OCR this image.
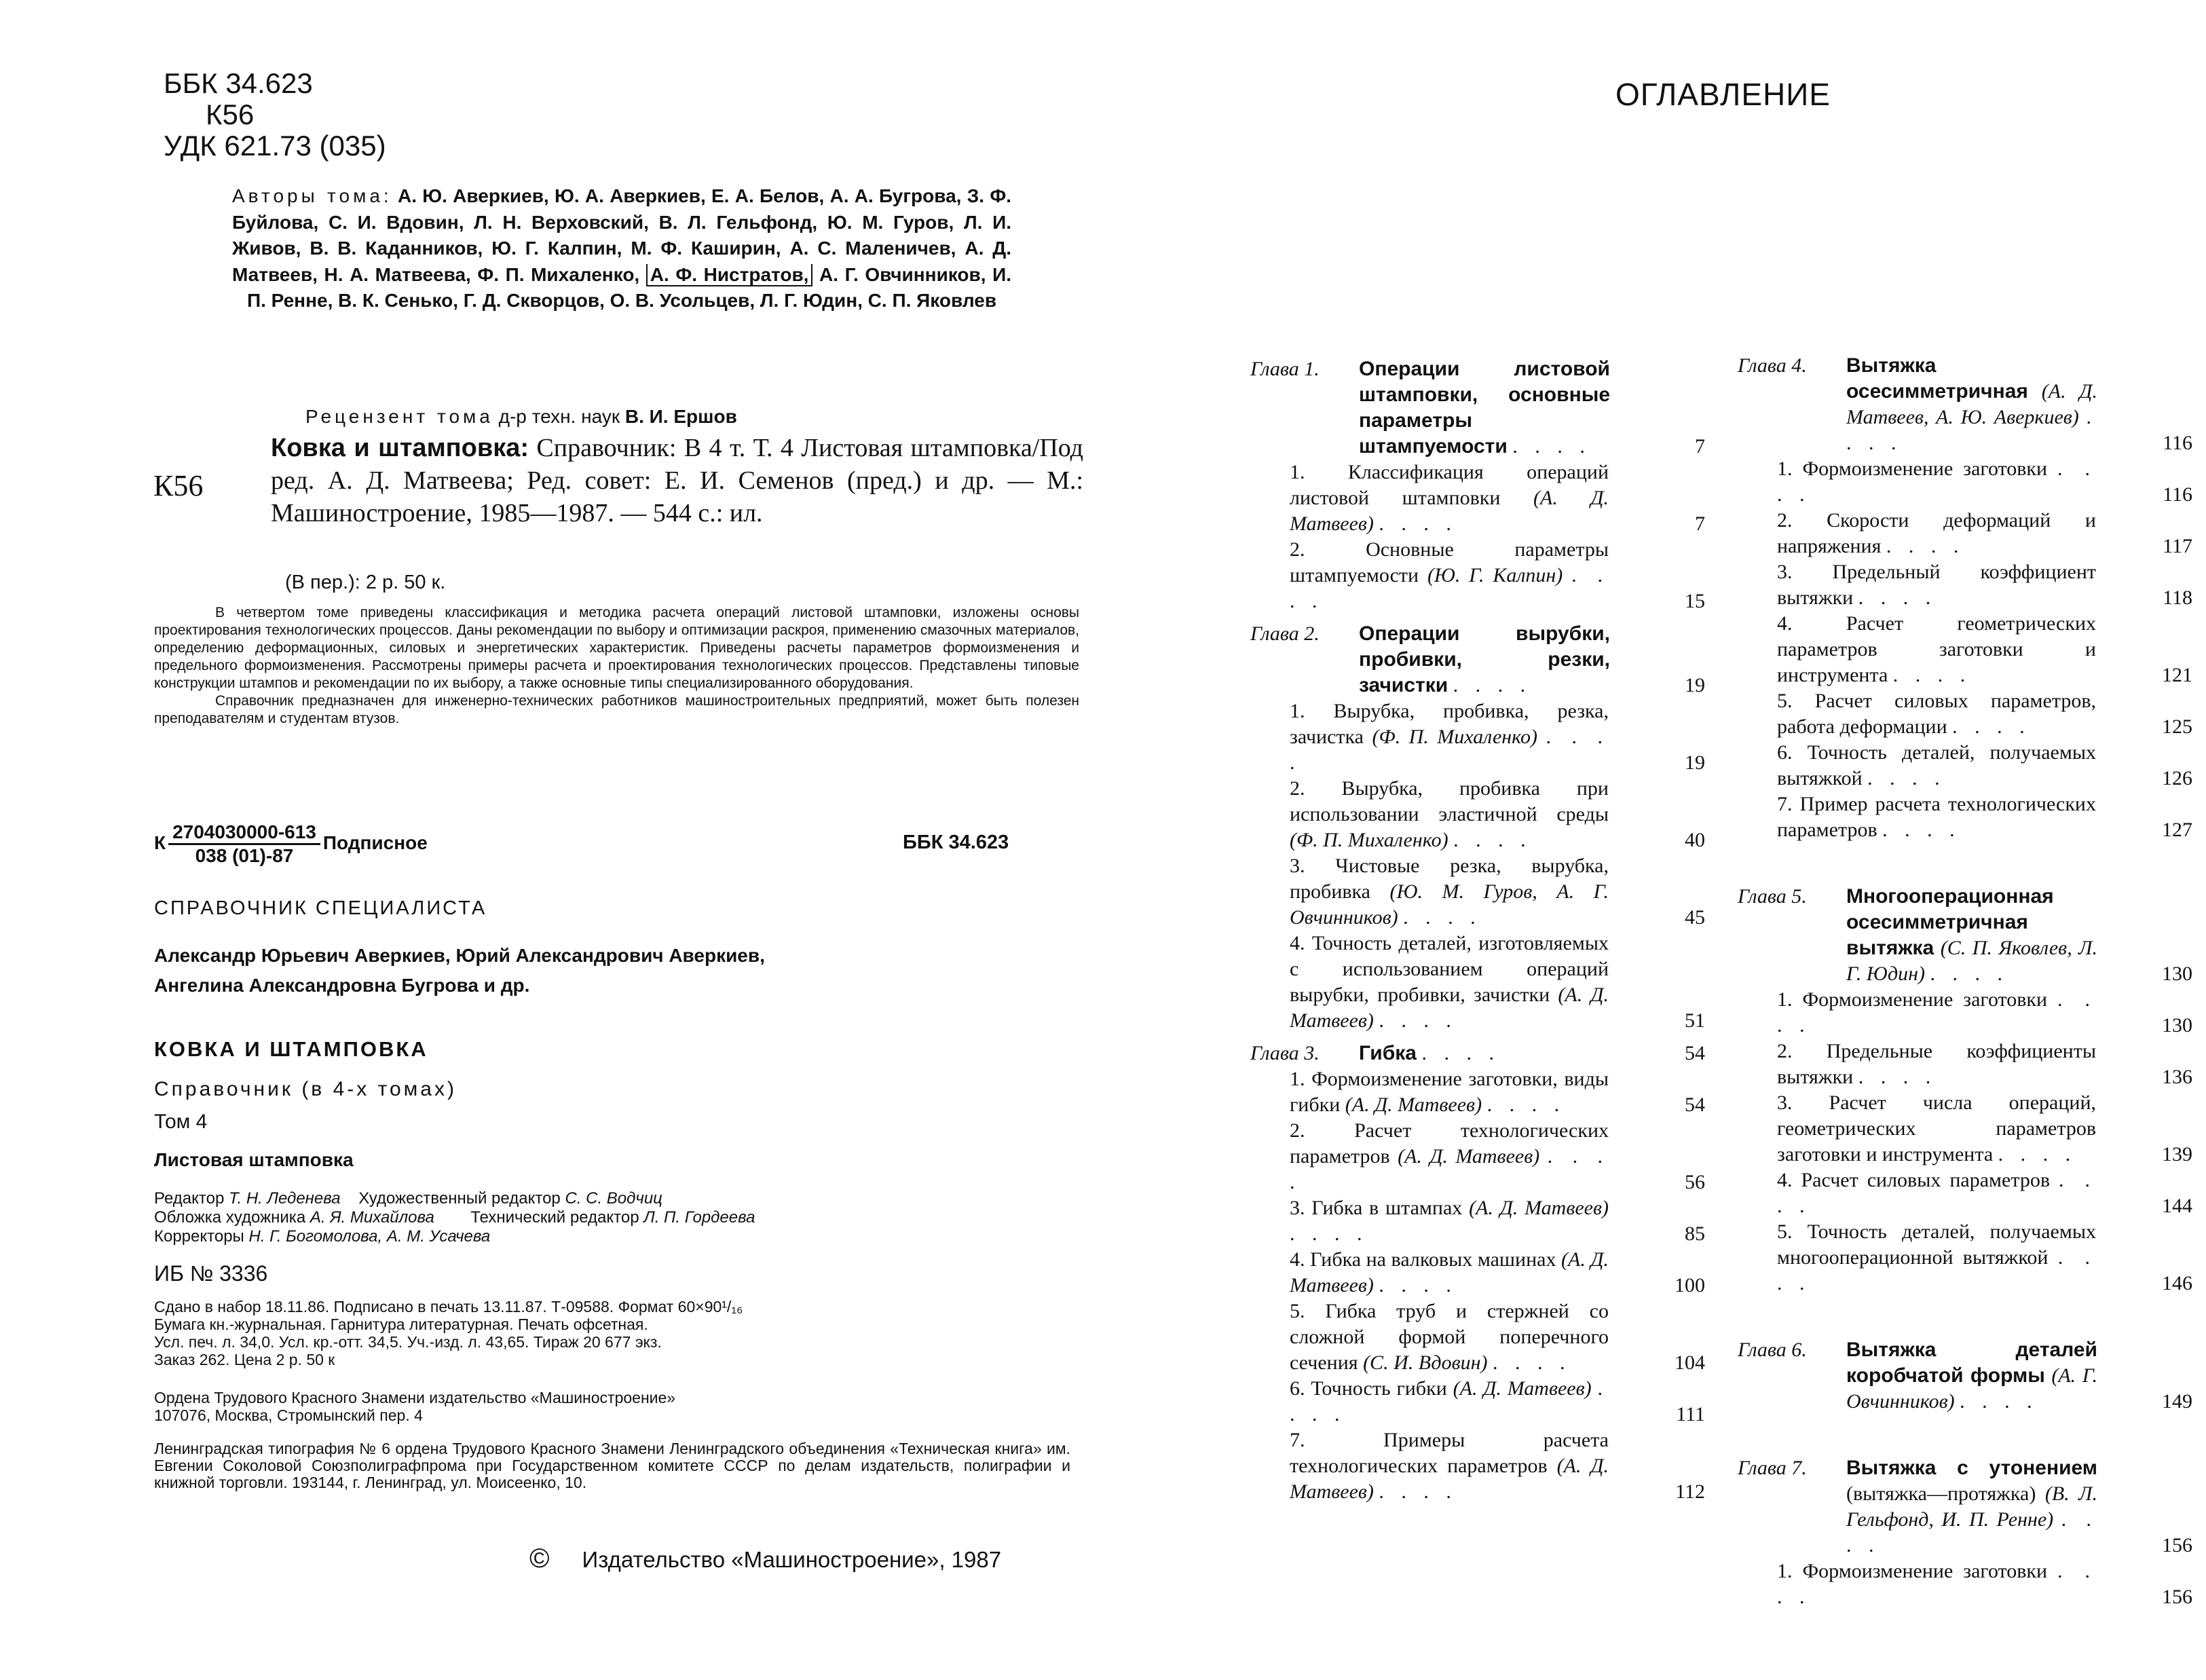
ББК 34.623
К56
УДК 621.73 (035)
Авторы тома: А. Ю. Аверкиев, Ю. А. Аверкиев, Е. А. Белов, А. А. Бугрова, З. Ф. Буйлова, С. И. Вдовин, Л. Н. Верховский, В. Л. Гельфонд, Ю. М. Гуров, Л. И. Живов, В. В. Каданников, Ю. Г. Калпин, М. Ф. Каширин, А. С. Маленичев, А. Д. Матвеев, Н. А. Матвеева, Ф. П. Михаленко, А. Ф. Нистратов, А. Г. Овчинников, И. П. Ренне, В. К. Сенько, Г. Д. Скворцов, О. В. Усольцев, Л. Г. Юдин, С. П. Яковлев
Рецензент тома д-р техн. наук В. И. Ершов
К56
Ковка и штамповка: Справочник: В 4 т. Т. 4 Листовая штамповка/Под ред. А. Д. Матвеева; Ред. совет: Е. И. Семенов (пред.) и др. — М.: Машиностроение, 1985—1987. — 544 с.: ил.
(В пер.): 2 р. 50 к.

В четвертом томе приведены классификация и методика расчета операций листовой штамповки, изложены основы проектирования технологических процессов. Даны рекомендации по выбору и оптимизации раскроя, применению смазочных материалов, определению деформационных, силовых и энергетических характеристик. Приведены расчеты параметров формоизменения и предельного формоизменения. Рассмотрены примеры расчета и проектирования технологических процессов. Представлены типовые конструкции штампов и рекомендации по их выбору, а также основные типы специализированного оборудования.

Справочник предназначен для инженерно-технических работников машиностроительных предприятий, может быть полезен преподавателям и студентам втузов.

К $\frac{2704030000-613}{038 (01)-87}$ Подписное	ББК 34.623
СПРАВОЧНИК СПЕЦИАЛИСТА
Александр Юрьевич Аверкиев, Юрий Александрович Аверкиев,
Ангелина Александровна Бугрова и др.
КОВКА И ШТАМПОВКА
Справочник (в 4-х томах)
Том 4
Листовая штамповка
Редактор Т. Н. Леденева Художественный редактор С. С. Водчиц
Обложка художника А. Я. Михайлова Технический редактор Л. П. Гордеева
Корректоры Н. Г. Богомолова, А. М. Усачева
ИБ № 3336
Сдано в набор 18.11.86. Подписано в печать 13.11.87. Т-09588. Формат 60×90¹/₁₆
Бумага кн.-журнальная. Гарнитура литературная. Печать офсетная.
Усл. печ. л. 34,0. Усл. кр.-отт. 34,5. Уч.-изд. л. 43,65. Тираж 20 677 экз.
Заказ 262. Цена 2 р. 50 к
Ордена Трудового Красного Знамени издательство «Машиностроение»
107076, Москва, Стромынский пер. 4
Ленинградская типография № 6 ордена Трудового Красного Знамени Ленинградского объединения «Техническая книга» им. Евгении Соколовой Союзполиграфпрома при Государственном комитете СССР по делам издательств, полиграфии и книжной торговли. 193144, г. Ленинград, ул. Моисеенко, 10.
© Издательство «Машиностроение», 1987
ОГЛАВЛЕНИЕ
Глава 1.	Операции листовой штамповки, основные параметры штампуемости . . . .	7
1. Классификация операций листовой штамповки (А. Д. Матвеев) . . . .	7
2. Основные параметры штампуемости (Ю. Г. Калпин) . . . .	15
Глава 2.	Операции вырубки, пробивки, резки, зачистки . . . .	19
1. Вырубка, пробивка, резка, зачистка (Ф. П. Михаленко) . . . .	19
2. Вырубка, пробивка при использовании эластичной среды (Ф. П. Михаленко) . . . .	40
3. Чистовые резка, вырубка, пробивка (Ю. М. Гуров, А. Г. Овчинников) . . . .	45
4. Точность деталей, изготовляемых с использованием операций вырубки, пробивки, зачистки (А. Д. Матвеев) . . . .	51
Глава 3.	Гибка . . . .	54
1. Формоизменение заготовки, виды гибки (А. Д. Матвеев) . . . .	54
2. Расчет технологических параметров (А. Д. Матвеев) . . . .	56
3. Гибка в штампах (А. Д. Матвеев) . . . .	85
4. Гибка на валковых машинах (А. Д. Матвеев) . . . .	100
5. Гибка труб и стержней со сложной формой поперечного сечения (С. И. Вдовин) . . . .	104
6. Точность гибки (А. Д. Матвеев) . . . .	111
7. Примеры расчета технологических параметров (А. Д. Матвеев) . . . .	112
Глава 4.	Вытяжка осесимметричная (А. Д. Матвеев, А. Ю. Аверкиев) . . . .	116
1. Формоизменение заготовки . . . .	116
2. Скорости деформаций и напряжения . . . .	117
3. Предельный коэффициент вытяжки . . . .	118
4. Расчет геометрических параметров заготовки и инструмента . . . .	121
5. Расчет силовых параметров, работа деформации . . . .	125
6. Точность деталей, получаемых вытяжкой . . . .	126
7. Пример расчета технологических параметров . . . .	127
Глава 5.	Многооперационная осесимметричная вытяжка (С. П. Яковлев, Л. Г. Юдин) . . . .	130
1. Формоизменение заготовки . . . .	130
2. Предельные коэффициенты вытяжки . . . .	136
3. Расчет числа операций, геометрических параметров заготовки и инструмента . . . .	139
4. Расчет силовых параметров . . . .	144
5. Точность деталей, получаемых многооперационной вытяжкой . . . .	146
Глава 6.	Вытяжка деталей коробчатой формы (А. Г. Овчинников) . . . .	149
Глава 7.	Вытяжка с утонением (вытяжка—протяжка) (В. Л. Гельфонд, И. П. Ренне) . . . .	156
1. Формоизменение заготовки . . . .	156
